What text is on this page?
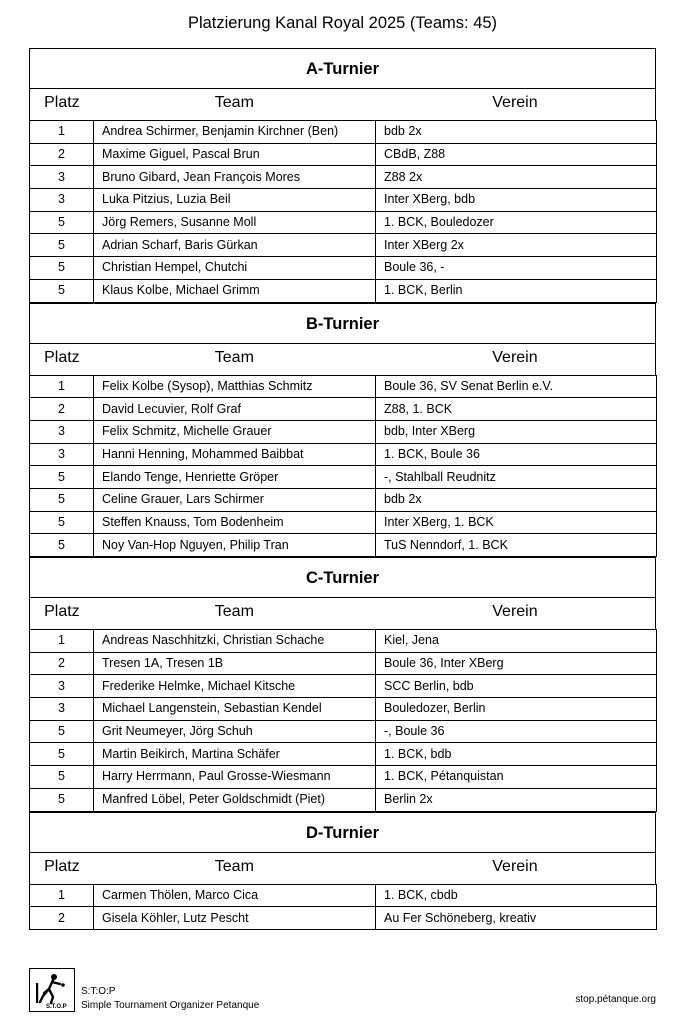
Platzierung Kanal Royal 2025 (Teams: 45)
A-Turnier
Platz	Team	Verein
1	Andrea Schirmer, Benjamin Kirchner (Ben)	bdb 2x
2	Maxime Giguel, Pascal Brun	CBdB, Z88
3	Bruno Gibard, Jean François Mores	Z88 2x
3	Luka Pitzius, Luzia Beil	Inter XBerg, bdb
5	Jörg Remers, Susanne Moll	1. BCK, Bouledozer
5	Adrian Scharf, Baris Gürkan	Inter XBerg 2x
5	Christian Hempel, Chutchi	Boule 36, -
5	Klaus Kolbe, Michael Grimm	1. BCK, Berlin
B-Turnier
Platz	Team	Verein
1	Felix Kolbe (Sysop), Matthias Schmitz	Boule 36, SV Senat Berlin e.V.
2	David Lecuvier, Rolf Graf	Z88, 1. BCK
3	Felix Schmitz, Michelle Grauer	bdb, Inter XBerg
3	Hanni Henning, Mohammed Baibbat	1. BCK, Boule 36
5	Elando Tenge, Henriette Gröper	-, Stahlball Reudnitz
5	Celine Grauer, Lars Schirmer	bdb 2x
5	Steffen Knauss, Tom Bodenheim	Inter XBerg, 1. BCK
5	Noy Van-Hop Nguyen, Philip Tran	TuS Nenndorf, 1. BCK
C-Turnier
Platz	Team	Verein
1	Andreas Naschhitzki, Christian Schache	Kiel, Jena
2	Tresen 1A, Tresen 1B	Boule 36, Inter XBerg
3	Frederike Helmke, Michael Kitsche	SCC Berlin, bdb
3	Michael Langenstein, Sebastian Kendel	Bouledozer, Berlin
5	Grit Neumeyer, Jörg Schuh	-, Boule 36
5	Martin Beikirch, Martina Schäfer	1. BCK, bdb
5	Harry Herrmann, Paul Grosse-Wiesmann	1. BCK, Pétanquistan
5	Manfred Löbel, Peter Goldschmidt (Piet)	Berlin 2x
D-Turnier
Platz	Team	Verein
1	Carmen Thölen, Marco Cica	1. BCK, cbdb
2	Gisela Köhler, Lutz Pescht	Au Fer Schöneberg, kreativ
S.T.O.P
S:T:O:P
Simple Tournament Organizer Petanque
stop.pétanque.org
